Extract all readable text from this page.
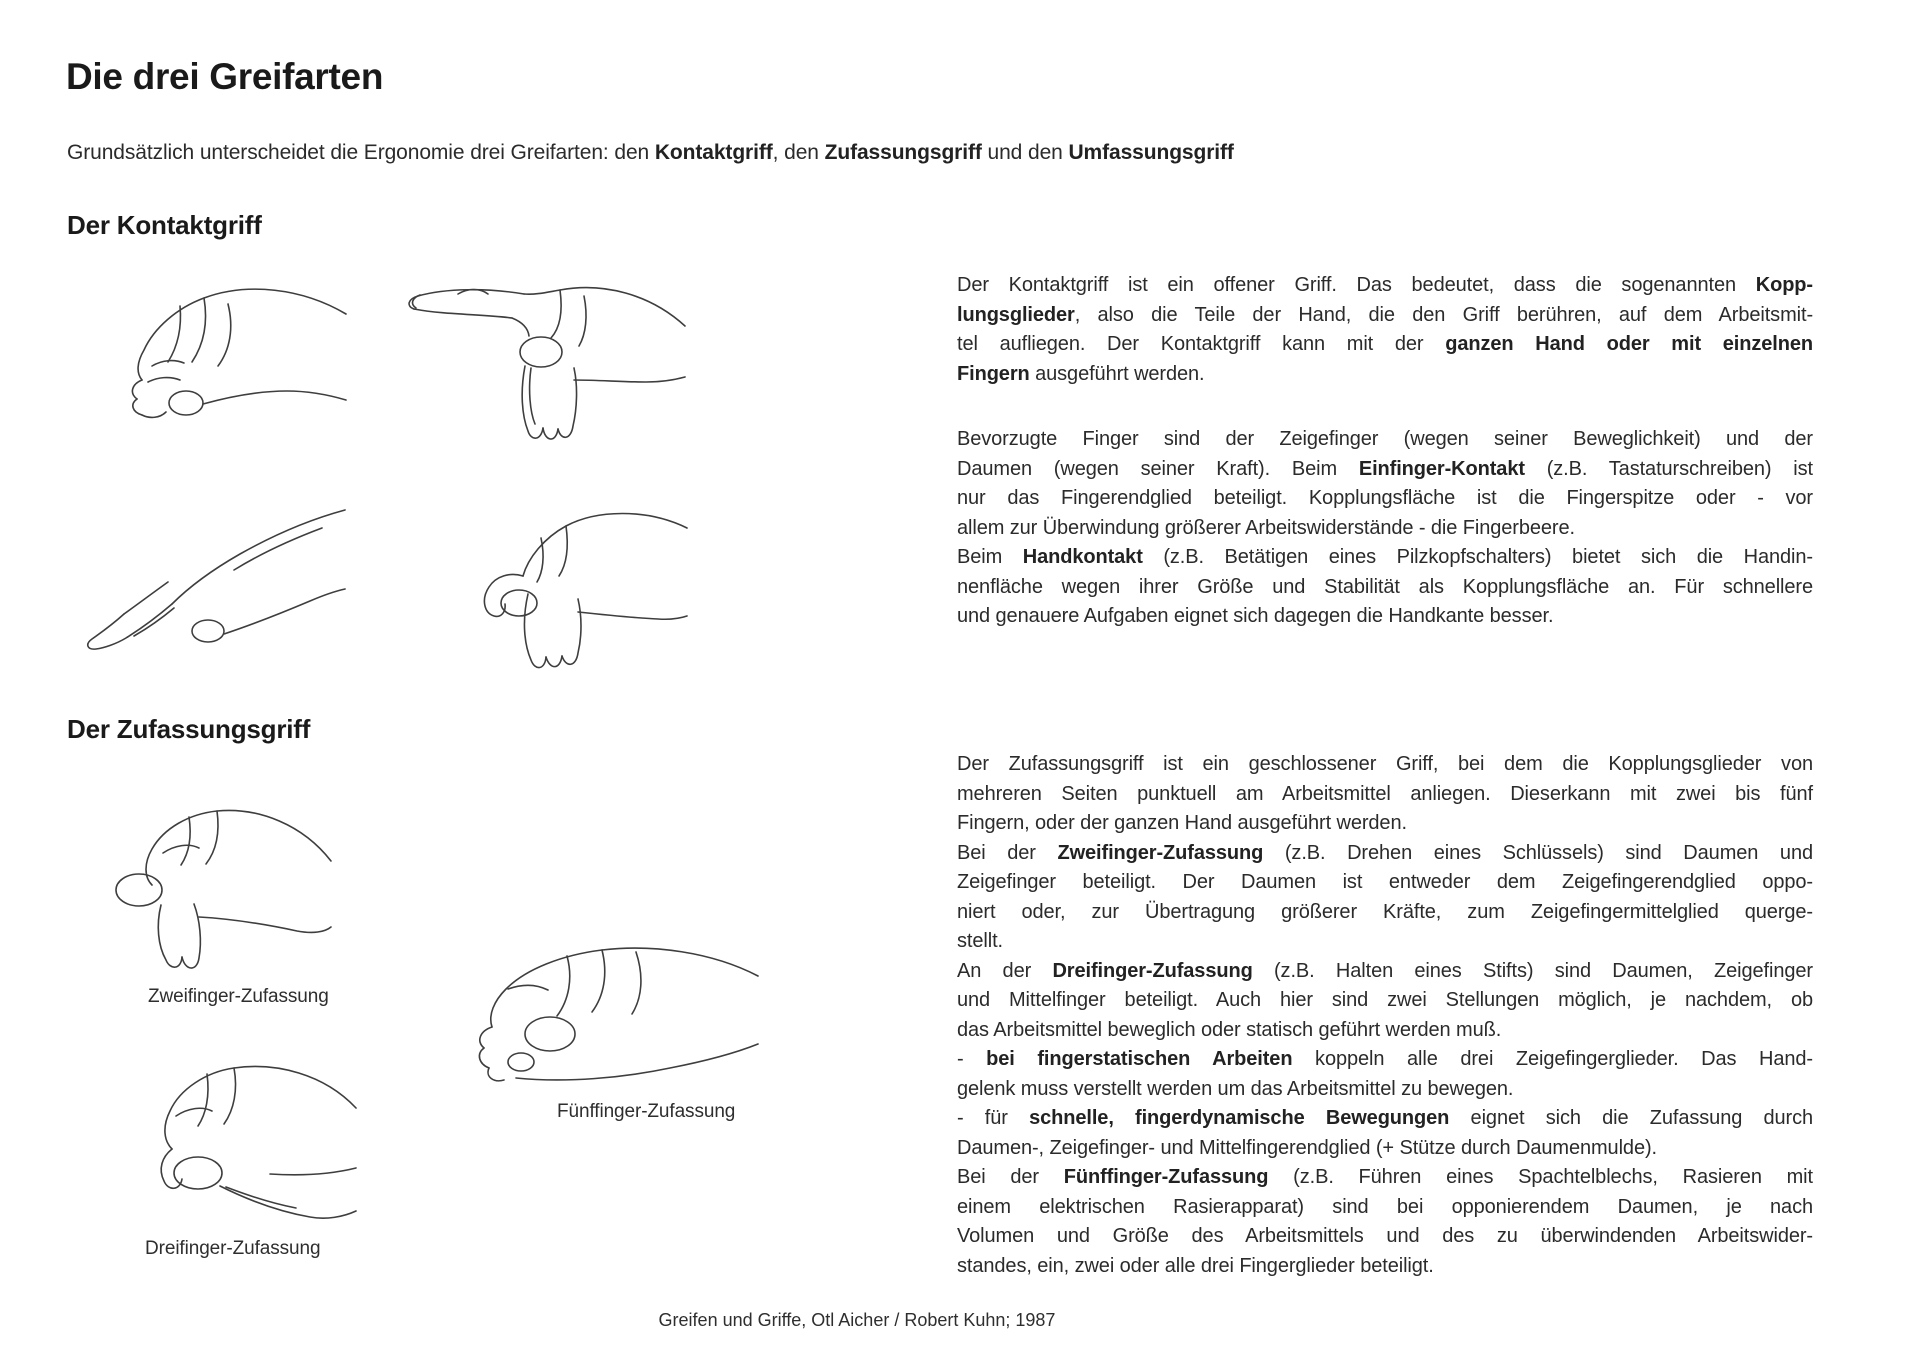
Die drei Greifarten
Grundsätzlich unterscheidet die Ergonomie drei Greifarten: den Kontaktgriff, den Zufassungsgriff und den Umfassungsgriff
Der Kontaktgriff
Der Kontaktgriff ist ein offener Griff. Das bedeutet, dass die sogenannten Kopp-
lungsglieder, also die Teile der Hand, die den Griff berühren, auf dem Arbeitsmit-
tel aufliegen. Der Kontaktgriff kann mit der ganzen Hand oder mit einzelnen
Fingern ausgeführt werden.
Bevorzugte Finger sind der Zeigefinger (wegen seiner Beweglichkeit) und der
Daumen (wegen seiner Kraft). Beim Einfinger-Kontakt (z.B. Tastaturschreiben) ist
nur das Fingerendglied beteiligt. Kopplungsfläche ist die Fingerspitze oder - vor
allem zur Überwindung größerer Arbeitswiderstände - die Fingerbeere.
Beim Handkontakt (z.B. Betätigen eines Pilzkopfschalters) bietet sich die Handin-
nenfläche wegen ihrer Größe und Stabilität als Kopplungsfläche an. Für schnellere
und genauere Aufgaben eignet sich dagegen die Handkante besser.
Der Zufassungsgriff
Zweifinger-Zufassung
Fünffinger-Zufassung
Dreifinger-Zufassung
Der Zufassungsgriff ist ein geschlossener Griff, bei dem die Kopplungsglieder von
mehreren Seiten punktuell am Arbeitsmittel anliegen. Dieserkann mit zwei bis fünf
Fingern, oder der ganzen Hand ausgeführt werden.
Bei der Zweifinger-Zufassung (z.B. Drehen eines Schlüssels) sind Daumen und
Zeigefinger beteiligt. Der Daumen ist entweder dem Zeigefingerendglied oppo-
niert oder, zur Übertragung größerer Kräfte, zum Zeigefingermittelglied querge-
stellt.
An der Dreifinger-Zufassung (z.B. Halten eines Stifts) sind Daumen, Zeigefinger
und Mittelfinger beteiligt. Auch hier sind zwei Stellungen möglich, je nachdem, ob
das Arbeitsmittel beweglich oder statisch geführt werden muß.
- bei fingerstatischen Arbeiten koppeln alle drei Zeigefingerglieder. Das Hand-
gelenk muss verstellt werden um das Arbeitsmittel zu bewegen.
- für schnelle, fingerdynamische Bewegungen eignet sich die Zufassung durch
Daumen-, Zeigefinger- und Mittelfingerendglied (+ Stütze durch Daumenmulde).
Bei der Fünffinger-Zufassung (z.B. Führen eines Spachtelblechs, Rasieren mit
einem elektrischen Rasierapparat) sind bei opponierendem Daumen, je nach
Volumen und Größe des Arbeitsmittels und des zu überwindenden Arbeitswider-
standes, ein, zwei oder alle drei Fingerglieder beteiligt.
Greifen und Griffe, Otl Aicher / Robert Kuhn; 1987
